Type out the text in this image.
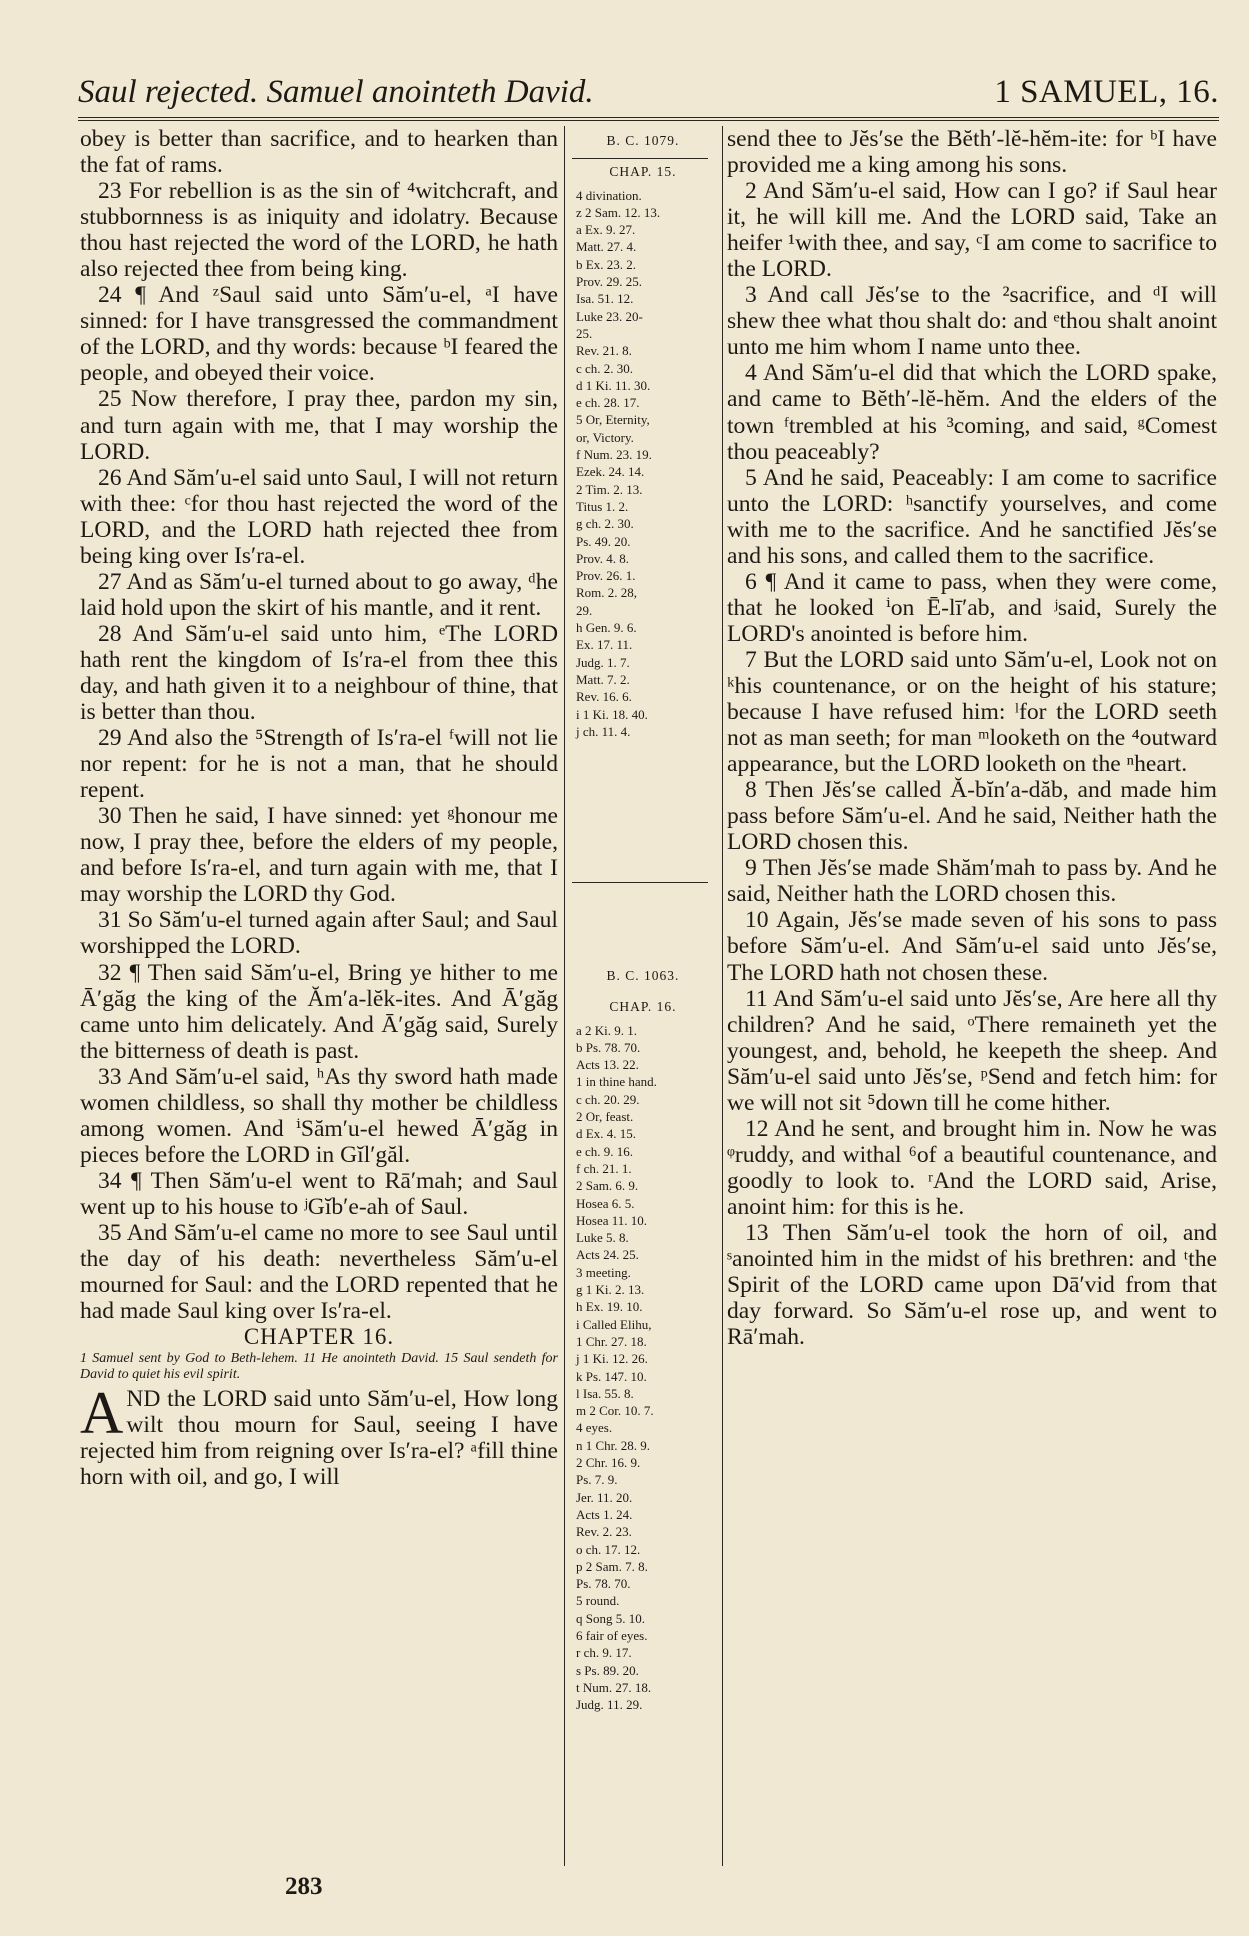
Saul rejected. Samuel anointeth David.	1 SAMUEL, 16.

obey is better than sacrifice, and to hearken than the fat of rams.

23 For rebellion is as the sin of ⁴witchcraft, and stubbornness is as iniquity and idolatry. Because thou hast rejected the word of the LORD, he hath also rejected thee from being king.

24 ¶ And ᶻSaul said unto Săm′u-el, ᵃI have sinned: for I have transgressed the commandment of the LORD, and thy words: because ᵇI feared the people, and obeyed their voice.

25 Now therefore, I pray thee, pardon my sin, and turn again with me, that I may worship the LORD.

26 And Săm′u-el said unto Saul, I will not return with thee: ᶜfor thou hast rejected the word of the LORD, and the LORD hath rejected thee from being king over Is′ra-el.

27 And as Săm′u-el turned about to go away, ᵈhe laid hold upon the skirt of his mantle, and it rent.

28 And Săm′u-el said unto him, ᵉThe LORD hath rent the kingdom of Is′ra-el from thee this day, and hath given it to a neighbour of thine, that is better than thou.

29 And also the ⁵Strength of Is′ra-el ᶠwill not lie nor repent: for he is not a man, that he should repent.

30 Then he said, I have sinned: yet ᵍhonour me now, I pray thee, before the elders of my people, and before Is′ra-el, and turn again with me, that I may worship the LORD thy God.

31 So Săm′u-el turned again after Saul; and Saul worshipped the LORD.

32 ¶ Then said Săm′u-el, Bring ye hither to me Ā′găg the king of the Ăm′a-lĕk-ites. And Ā′găg came unto him delicately. And Ā′găg said, Surely the bitterness of death is past.

33 And Săm′u-el said, ʰAs thy sword hath made women childless, so shall thy mother be childless among women. And ⁱSăm′u-el hewed Ā′găg in pieces before the LORD in Gĭl′găl.

34 ¶ Then Săm′u-el went to Rā′mah; and Saul went up to his house to ʲGĭb′e-ah of Saul.

35 And Săm′u-el came no more to see Saul until the day of his death: nevertheless Săm′u-el mourned for Saul: and the LORD repented that he had made Saul king over Is′ra-el.

CHAPTER 16.

1 Samuel sent by God to Beth-lehem. 11 He anointeth David. 15 Saul sendeth for David to quiet his evil spirit.

A ND the LORD said unto Săm′u-el, How long wilt thou mourn for Saul, seeing I have rejected him from reigning over Is′ra-el? ᵃfill thine horn with oil, and go, I will

B. C. 1079.
CHAP. 15.
4 divination.
z 2 Sam. 12. 13.
a Ex. 9. 27.
Matt. 27. 4.
b Ex. 23. 2.
Prov. 29. 25.
Isa. 51. 12.
Luke 23. 20-
25.
Rev. 21. 8.
c ch. 2. 30.
d 1 Ki. 11. 30.
e ch. 28. 17.
5 Or, Eternity,
or, Victory.
f Num. 23. 19.
Ezek. 24. 14.
2 Tim. 2. 13.
Titus 1. 2.
g ch. 2. 30.
Ps. 49. 20.
Prov. 4. 8.
Prov. 26. 1.
Rom. 2. 28,
29.
h Gen. 9. 6.
Ex. 17. 11.
Judg. 1. 7.
Matt. 7. 2.
Rev. 16. 6.
i 1 Ki. 18. 40.
j ch. 11. 4.
B. C. 1063.
CHAP. 16.
a 2 Ki. 9. 1.
b Ps. 78. 70.
Acts 13. 22.
1 in thine hand.
c ch. 20. 29.
2 Or, feast.
d Ex. 4. 15.
e ch. 9. 16.
f ch. 21. 1.
2 Sam. 6. 9.
Hosea 6. 5.
Hosea 11. 10.
Luke 5. 8.
Acts 24. 25.
3 meeting.
g 1 Ki. 2. 13.
h Ex. 19. 10.
i Called Elihu,
1 Chr. 27. 18.
j 1 Ki. 12. 26.
k Ps. 147. 10.
l Isa. 55. 8.
m 2 Cor. 10. 7.
4 eyes.
n 1 Chr. 28. 9.
2 Chr. 16. 9.
Ps. 7. 9.
Jer. 11. 20.
Acts 1. 24.
Rev. 2. 23.
o ch. 17. 12.
p 2 Sam. 7. 8.
Ps. 78. 70.
5 round.
q Song 5. 10.
6 fair of eyes.
r ch. 9. 17.
s Ps. 89. 20.
t Num. 27. 18.
Judg. 11. 29.

send thee to Jĕs′se the Bĕth′-lĕ-hĕm-ite: for ᵇI have provided me a king among his sons.

2 And Săm′u-el said, How can I go? if Saul hear it, he will kill me. And the LORD said, Take an heifer ¹with thee, and say, ᶜI am come to sacrifice to the LORD.

3 And call Jĕs′se to the ²sacrifice, and ᵈI will shew thee what thou shalt do: and ᵉthou shalt anoint unto me him whom I name unto thee.

4 And Săm′u-el did that which the LORD spake, and came to Bĕth′-lĕ-hĕm. And the elders of the town ᶠtrembled at his ³coming, and said, ᵍComest thou peaceably?

5 And he said, Peaceably: I am come to sacrifice unto the LORD: ʰsanctify yourselves, and come with me to the sacrifice. And he sanctified Jĕs′se and his sons, and called them to the sacrifice.

6 ¶ And it came to pass, when they were come, that he looked ⁱon Ē-lī′ab, and ʲsaid, Surely the LORD's anointed is before him.

7 But the LORD said unto Săm′u-el, Look not on ᵏhis countenance, or on the height of his stature; because I have refused him: ˡfor the LORD seeth not as man seeth; for man ᵐlooketh on the ⁴outward appearance, but the LORD looketh on the ⁿheart.

8 Then Jĕs′se called Ă-bĭn′a-dăb, and made him pass before Săm′u-el. And he said, Neither hath the LORD chosen this.

9 Then Jĕs′se made Shăm′mah to pass by. And he said, Neither hath the LORD chosen this.

10 Again, Jĕs′se made seven of his sons to pass before Săm′u-el. And Săm′u-el said unto Jĕs′se, The LORD hath not chosen these.

11 And Săm′u-el said unto Jĕs′se, Are here all thy children? And he said, ᵒThere remaineth yet the youngest, and, behold, he keepeth the sheep. And Săm′u-el said unto Jĕs′se, ᵖSend and fetch him: for we will not sit ⁵down till he come hither.

12 And he sent, and brought him in. Now he was ᵠruddy, and withal ⁶of a beautiful countenance, and goodly to look to. ʳAnd the LORD said, Arise, anoint him: for this is he.

13 Then Săm′u-el took the horn of oil, and ˢanointed him in the midst of his brethren: and ᵗthe Spirit of the LORD came upon Dā′vid from that day forward. So Săm′u-el rose up, and went to Rā′mah.

283
